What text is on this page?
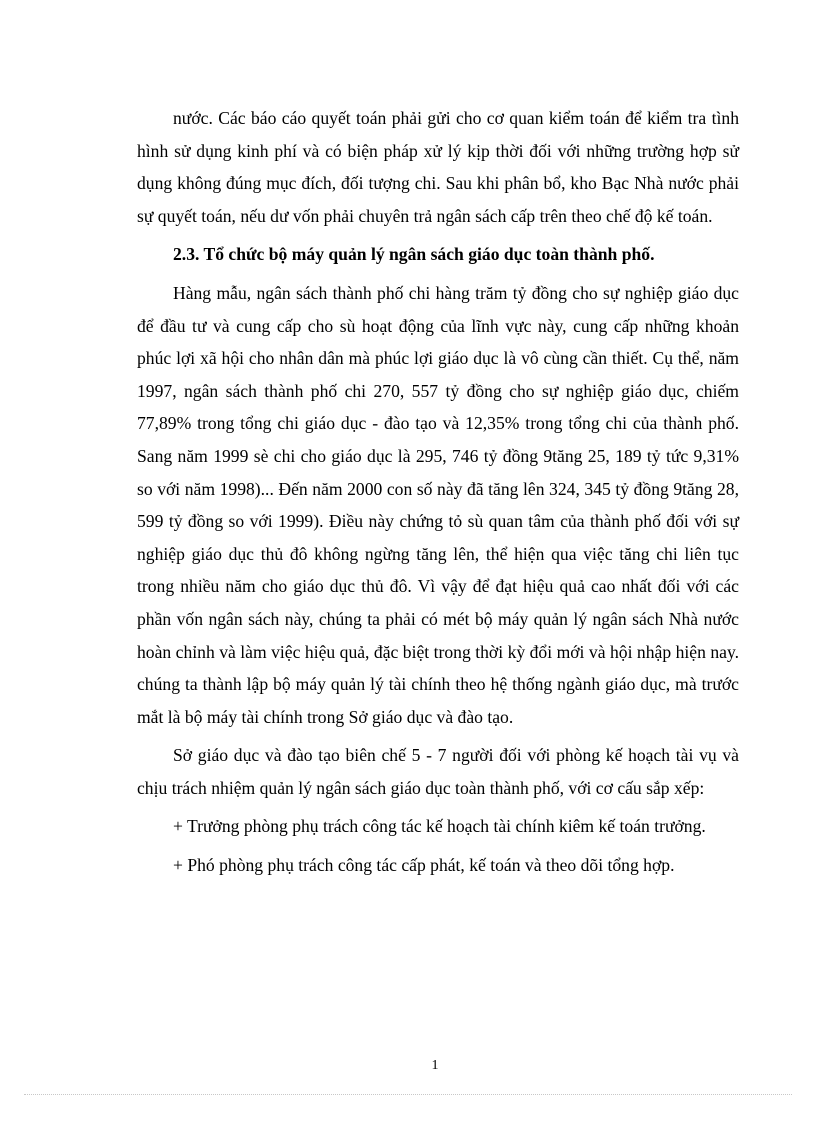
nước. Các báo cáo quyết toán phải gửi cho cơ quan kiểm toán để kiểm tra tình hình sử dụng kinh phí và có biện pháp xử lý kịp thời đối với những trường hợp sử dụng không đúng mục đích, đối tượng chi. Sau khi phân bổ, kho Bạc Nhà nước phải sự quyết toán, nếu dư vốn phải chuyên trả ngân sách cấp trên theo chế độ kế toán.

2.3. Tổ chức bộ máy quản lý ngân sách giáo dục toàn thành phố.

Hàng mẫu, ngân sách thành phố chi hàng trăm tỷ đồng cho sự nghiệp giáo dục để đầu tư và cung cấp cho sù hoạt động của lĩnh vực này, cung cấp những khoản phúc lợi xã hội cho nhân dân mà phúc lợi giáo dục là vô cùng cần thiết. Cụ thể, năm 1997, ngân sách thành phố chi 270, 557 tỷ đồng cho sự nghiệp giáo dục, chiếm 77,89% trong tổng chi giáo dục - đào tạo và 12,35% trong tổng chi của thành phố. Sang năm 1999 sè chi cho giáo dục là 295, 746 tỷ đồng 9tăng 25, 189 tỷ tức 9,31% so với năm 1998)... Đến năm 2000 con số này đã tăng lên 324, 345 tỷ đồng 9tăng 28, 599 tỷ đồng so với 1999). Điều này chứng tỏ sù quan tâm của thành phố đối với sự nghiệp giáo dục thủ đô không ngừng tăng lên, thể hiện qua việc tăng chi liên tục trong nhiều năm cho giáo dục thủ đô. Vì vậy để đạt hiệu quả cao nhất đối với các phần vốn ngân sách này, chúng ta phải có mét bộ máy quản lý ngân sách Nhà nước hoàn chỉnh và làm việc hiệu quả, đặc biệt trong thời kỳ đổi mới và hội nhập hiện nay. chúng ta thành lập bộ máy quản lý tài chính theo hệ thống ngành giáo dục, mà trước mắt là bộ máy tài chính trong Sở giáo dục và đào tạo.

Sở giáo dục và đào tạo biên chế 5 - 7 người đối với phòng kế hoạch tài vụ và chịu trách nhiệm quản lý ngân sách giáo dục toàn thành phố, với cơ cấu sắp xếp:

+ Trưởng phòng phụ trách công tác kế hoạch tài chính kiêm kế toán trưởng.

+ Phó phòng phụ trách công tác cấp phát, kế toán và theo dõi tổng hợp.

1
